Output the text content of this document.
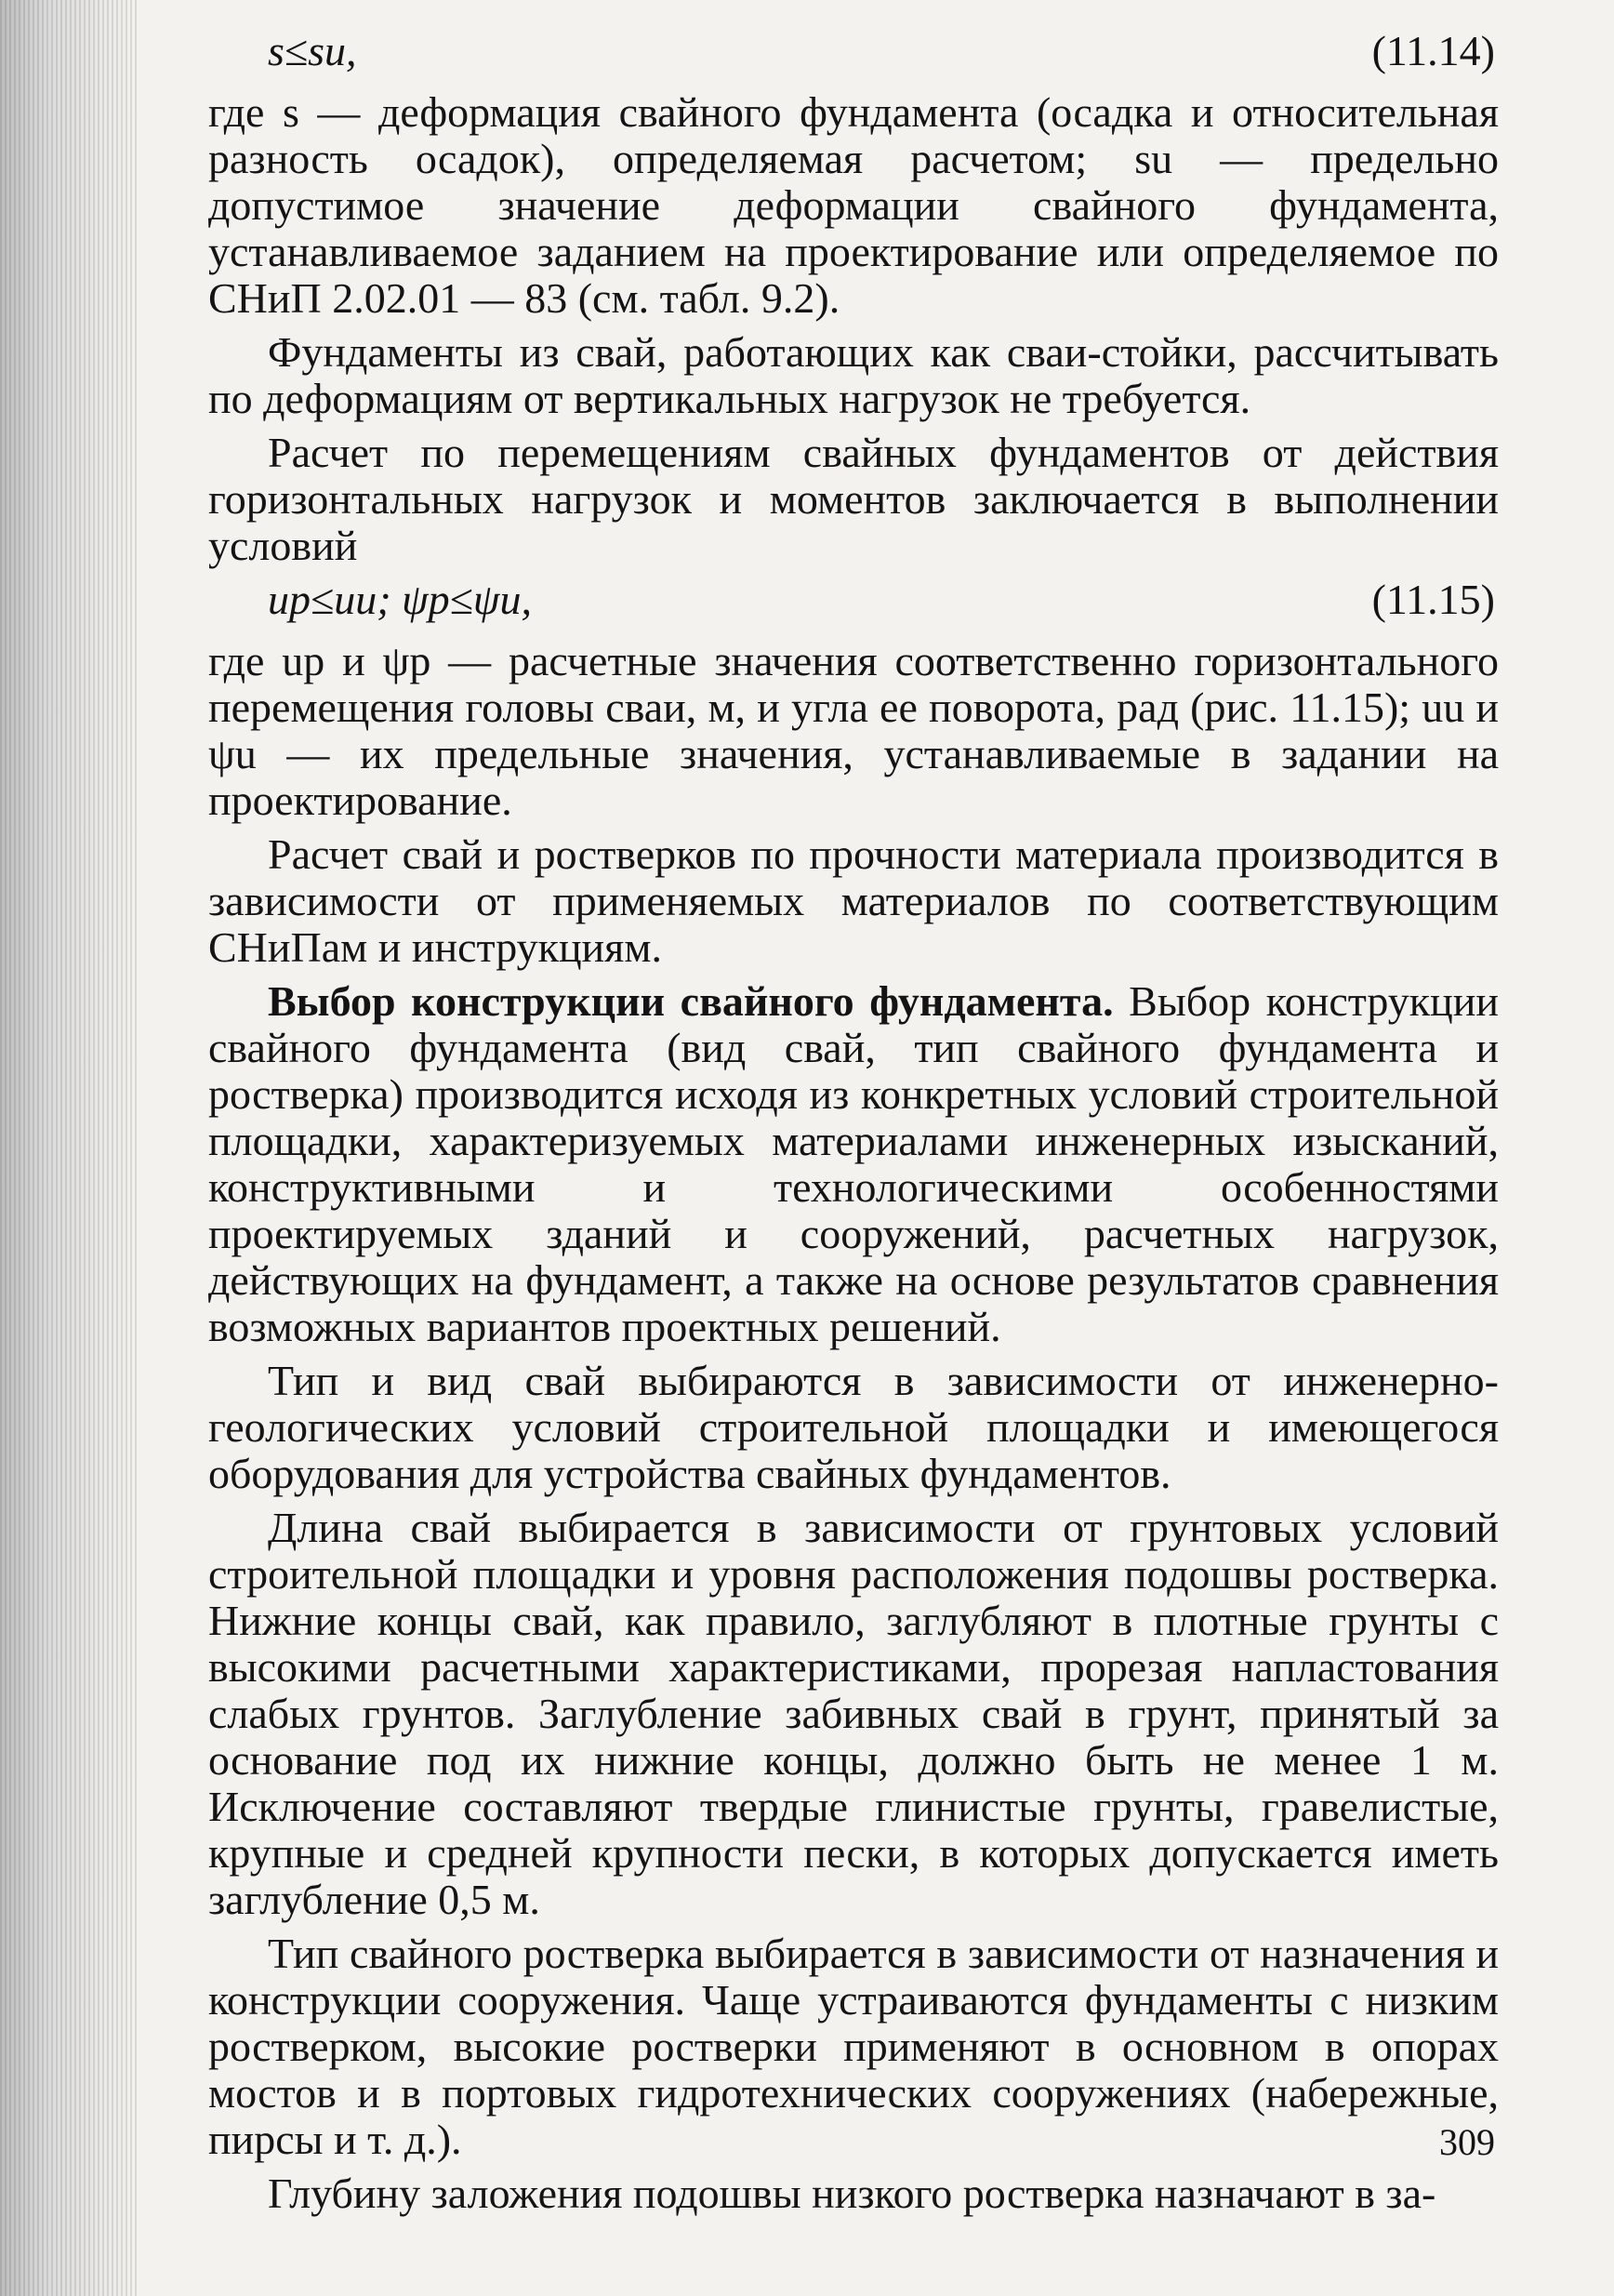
s≤su,	(11.14)

где s — деформация свайного фундамента (осадка и относительная разность осадок), определяемая расчетом; su — предельно допустимое значение деформации свайного фундамента, устанавливаемое заданием на проектирование или определяемое по СНиП 2.02.01 — 83 (см. табл. 9.2).

Фундаменты из свай, работающих как сваи-стойки, рассчитывать по деформациям от вертикальных нагрузок не требуется.

Расчет по перемещениям свайных фундаментов от действия горизонтальных нагрузок и моментов заключается в выполнении условий

up≤uu; ψp≤ψu,	(11.15)

где up и ψp — расчетные значения соответственно горизонтального перемещения головы сваи, м, и угла ее поворота, рад (рис. 11.15); uu и ψu — их предельные значения, устанавливаемые в задании на проектирование.

Расчет свай и ростверков по прочности материала производится в зависимости от применяемых материалов по соответствующим СНиПам и инструкциям.

Выбор конструкции свайного фундамента. Выбор конструкции свайного фундамента (вид свай, тип свайного фундамента и ростверка) производится исходя из конкретных условий строительной площадки, характеризуемых материалами инженерных изысканий, конструктивными и технологическими особенностями проектируемых зданий и сооружений, расчетных нагрузок, действующих на фундамент, а также на основе результатов сравнения возможных вариантов проектных решений.

Тип и вид свай выбираются в зависимости от инженерно-геологических условий строительной площадки и имеющегося оборудования для устройства свайных фундаментов.

Длина свай выбирается в зависимости от грунтовых условий строительной площадки и уровня расположения подошвы ростверка. Нижние концы свай, как правило, заглубляют в плотные грунты с высокими расчетными характеристиками, прорезая напластования слабых грунтов. Заглубление забивных свай в грунт, принятый за основание под их нижние концы, должно быть не менее 1 м. Исключение составляют твердые глинистые грунты, гравелистые, крупные и средней крупности пески, в которых допускается иметь заглубление 0,5 м.

Тип свайного ростверка выбирается в зависимости от назначения и конструкции сооружения. Чаще устраиваются фундаменты с низким ростверком, высокие ростверки применяют в основном в опорах мостов и в портовых гидротехнических сооружениях (набережные, пирсы и т. д.).

Глубину заложения подошвы низкого ростверка назначают в за-

309
